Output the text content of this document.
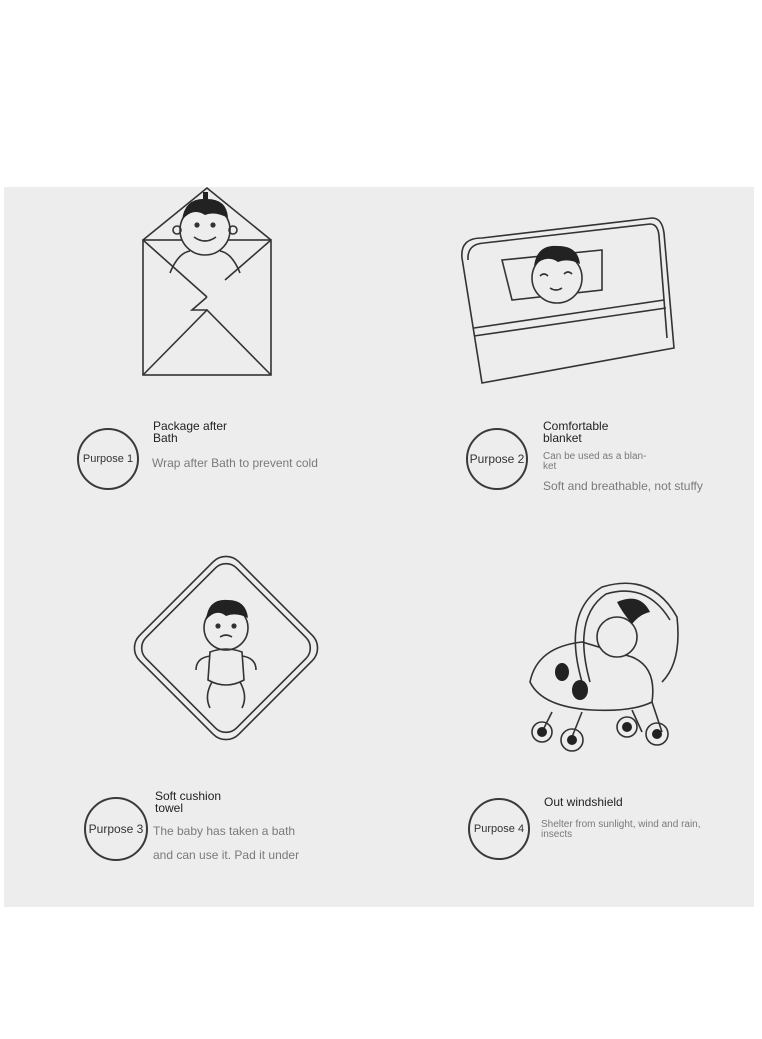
Purpose 1
Package after
Bath
Wrap after Bath to prevent cold	Purpose 2
Comfortable
blanket
Can be used as a blan-
ket
Soft and breathable, not stuffy
Purpose 3
Soft cushion
towel
The baby has taken a bath
and can use it. Pad it under
Purpose 4
Out windshield
Shelter from sunlight, wind and rain,
insects
